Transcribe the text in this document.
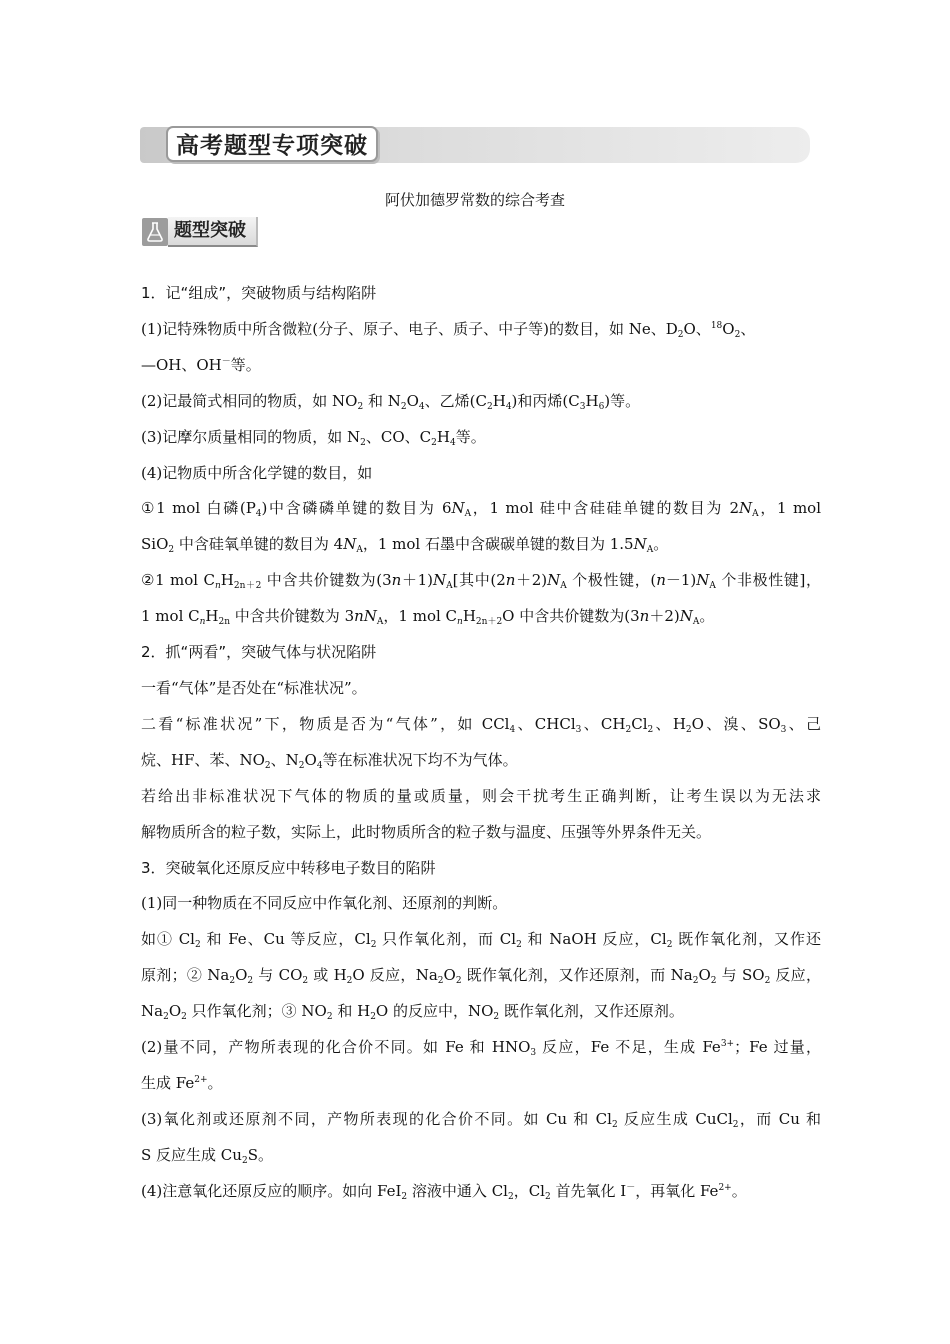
高考题型专项突破
阿伏加德罗常数的综合考查
题型突破

1．记“组成”，突破物质与结构陷阱

(1)记特殊物质中所含微粒(分子、原子、电子、质子、中子等)的数目，如 Ne、$D_2O$、$^{18}O_2$、

—OH、OH－等。

(2)记最简式相同的物质，如 $NO_2$ 和 $N_2O_4$、乙烯$(C_2H_4)$和丙烯$(C_3H_6)$等。

(3)记摩尔质量相同的物质，如 $N_2$、CO、$C_2H_4$等。

(4)记物质中所含化学键的数目，如

①1 mol 白磷$(P_4)$中含磷磷单键的数目为 $6N_A$，1 mol 硅中含硅硅单键的数目为 $2N_A$，1 mol

SiO$_2$ 中含硅氧单键的数目为 $4N_A$，1 mol 石墨中含碳碳单键的数目为 $1.5N_A$。

②1 mol $C_nH_{2n+2}$ 中含共价键数为$(3n+1)N_A$[其中$(2n+2)N_A$ 个极性键，$(n-1)N_A$ 个非极性键]，

1 mol $C_nH_{2n}$ 中含共价键数为 $3nN_A$，1 mol $C_nH_{2n+2}O$ 中含共价键数为$(3n+2)N_A$。

2．抓“两看”，突破气体与状况陷阱

一看“气体”是否处在“标准状况”。

二看“标准状况”下，物质是否为“气体”，如 CCl$_4$、CHCl$_3$、$CH_2Cl_2$、$H_2O$、溴、$SO_3$、己

烷、HF、苯、$NO_2$、$N_2O_4$等在标准状况下均不为气体。

若给出非标准状况下气体的物质的量或质量，则会干扰考生正确判断，让考生误以为无法求

解物质所含的粒子数，实际上，此时物质所含的粒子数与温度、压强等外界条件无关。

3．突破氧化还原反应中转移电子数目的陷阱

(1)同一种物质在不同反应中作氧化剂、还原剂的判断。

如① $Cl_2$ 和 Fe、Cu 等反应，$Cl_2$ 只作氧化剂，而 $Cl_2$ 和 NaOH 反应，$Cl_2$ 既作氧化剂，又作还

原剂；② $Na_2O_2$ 与 $CO_2$ 或 $H_2O$ 反应，$Na_2O_2$ 既作氧化剂，又作还原剂，而 $Na_2O_2$ 与 $SO_2$ 反应，

$Na_2O_2$ 只作氧化剂；③ $NO_2$ 和 $H_2O$ 的反应中，$NO_2$ 既作氧化剂，又作还原剂。

(2)量不同，产物所表现的化合价不同。如 Fe 和 $HNO_3$ 反应，Fe 不足，生成 $Fe^{3+}$；Fe 过量，

生成 $Fe^{2+}$。

(3)氧化剂或还原剂不同，产物所表现的化合价不同。如 Cu 和 $Cl_2$ 反应生成 CuCl$_2$，而 Cu 和

S 反应生成 $Cu_2S$。

(4)注意氧化还原反应的顺序。如向 FeI$_2$ 溶液中通入 $Cl_2$，$Cl_2$ 首先氧化 I－，再氧化 $Fe^{2+}$。
